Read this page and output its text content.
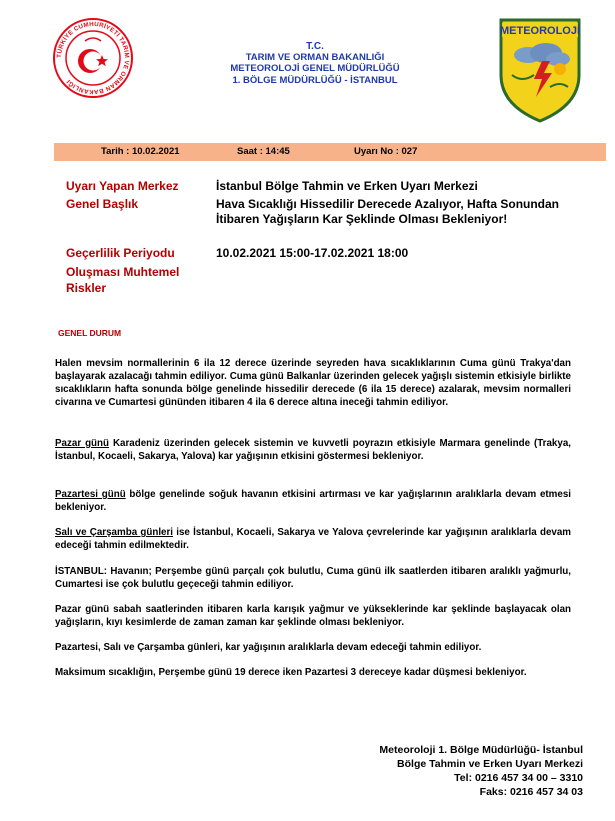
TÜRKİYE CUMHURİYETİ TARIM VE ORMAN BAKANLIĞI
T.C.
TARIM VE ORMAN BAKANLIĞI
METEOROLOJİ GENEL MÜDÜRLÜĞÜ
1. BÖLGE MÜDÜRLÜĞÜ - İSTANBUL
METEOROLOJİ
Tarih : 10.02.2021	Saat : 14:45	Uyarı No : 027
Uyarı Yapan Merkez	İstanbul Bölge Tahmin ve Erken Uyarı Merkezi
Genel Başlık	Hava Sıcaklığı Hissedilir Derecede Azalıyor, Hafta Sonundan İtibaren Yağışların Kar Şeklinde Olması Bekleniyor!
Geçerlilik Periyodu	10.02.2021 15:00-17.02.2021 18:00
Oluşması Muhtemel Riskler
GENEL DURUM
Halen mevsim normallerinin 6 ila 12 derece üzerinde seyreden hava sıcaklıklarının Cuma günü Trakya'dan başlayarak azalacağı tahmin ediliyor. Cuma günü Balkanlar üzerinden gelecek yağışlı sistemin etkisiyle birlikte sıcaklıkların hafta sonunda bölge genelinde hissedilir derecede (6 ila 15 derece) azalarak, mevsim normalleri civarına ve Cumartesi gününden itibaren 4 ila 6 derece altına ineceği tahmin ediliyor.
Pazar günü Karadeniz üzerinden gelecek sistemin ve kuvvetli poyrazın etkisiyle Marmara genelinde (Trakya, İstanbul, Kocaeli, Sakarya, Yalova) kar yağışının etkisini göstermesi bekleniyor.
Pazartesi günü bölge genelinde soğuk havanın etkisini artırması ve kar yağışlarının aralıklarla devam etmesi bekleniyor.
Salı ve Çarşamba günleri ise İstanbul, Kocaeli, Sakarya ve Yalova çevrelerinde kar yağışının aralıklarla devam edeceği tahmin edilmektedir.
İSTANBUL: Havanın; Perşembe günü parçalı çok bulutlu, Cuma günü ilk saatlerden itibaren aralıklı yağmurlu, Cumartesi ise çok bulutlu geçeceği tahmin ediliyor.
Pazar günü sabah saatlerinden itibaren karla karışık yağmur ve yükseklerinde kar şeklinde başlayacak olan yağışların, kıyı kesimlerde de zaman zaman kar şeklinde olması bekleniyor.
Pazartesi, Salı ve Çarşamba günleri, kar yağışının aralıklarla devam edeceği tahmin ediliyor.
Maksimum sıcaklığın, Perşembe günü 19 derece iken Pazartesi 3 dereceye kadar düşmesi bekleniyor.
Meteoroloji 1. Bölge Müdürlüğü- İstanbul
Bölge Tahmin ve Erken Uyarı Merkezi
Tel: 0216 457 34 00 – 3310
Faks: 0216 457 34 03
